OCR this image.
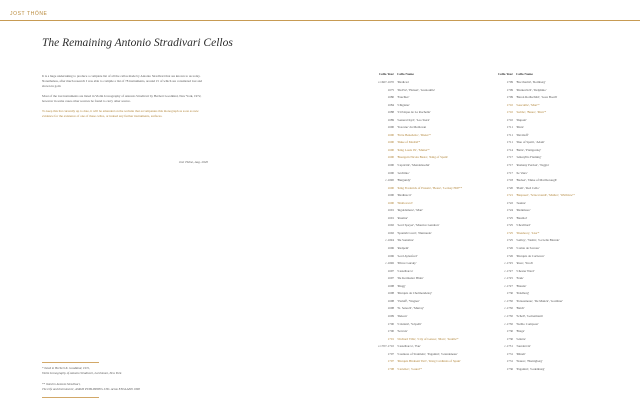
JOST THÖNE
The Remaining Antonio Stradivari Cellos

It is a huge undertaking to produce a complete list of all the cellos made by Antonio Stradivari that are known to us today. Nonetheless, after much research I was able to compile a list of 78 instruments, around 15 of which are considered lost and shown in gold.

Most of the lost instruments are listed in Violin Iconography of Antonio Stradivari by Herbert Goodkind, New York, 1972, however in some cases other sources be found to carry other source.

To keep this list currently up to date, it will be amended on the website that accompanies this monograph as soon as new evidence for the existence of one of these cellos, or indeed any further instruments, surfaces.

Jost Thöne, Aug. 2020
* listed in Herbert K. Goodkind, 1972,
Violin Iconography of Antonio Stradivari, Larchmont, New York
** listed in Antonio Stradivari,
The Life and Instruments', AMATI PUBLISHING LTD. Acton ENGLAND 1998
Cello Year Cello Name
c.1667-1670 'Medicea'
1675 'Du Pré', 'Hansel', 'Grenouille'
1680 'Fauchier'
1684 'Chigiano'
1688 'L'Ovêque de La Rochelle'
1689 'General Kyd', 'Leo Stern'
1690 'Toscano' du Medicean
1690 'Frère Benedetto', 'Dieter'*
1690 'Duke of Madrid'*
1690 'King Louis IX', 'Mutter'*
1690 'Bourgoin Nicola Besta', 'King of Spain'
1690 'Capricini', 'Mendelssohn'
1690 'Archinto'
c.1690 'Burgundy'
1690 'King Frederick of Prussia', 'Beare', 'Leckey Hill'**
1690 'Medinacci'
1690 'Shallovacci'
1691 'Ingoldsmere', 'Marr'
1691 'Rosmar'
1692 'Lord Speyer', 'Maurice Gendron'
1692 'Spanish Court', 'Dunraudo'
c.1694 'De Sonatine'
1696 'Redpem'
1696 'Lord Aylesford'
c.1696 'Prince Gursky'
1697 'Castelbarco'
1697 'De Kermadec Blain'
1698 'Magg'
1698 'Marquis de Cholmondeley'
1698 'Vieluff', 'Wagner'
1698 'St. Senoch', 'Murray'
1699 'Deleon'
1700 'Cristiani', 'Scipelli'
1700 'Servais'
1701 'Orchard Villa', 'City of Genoa', 'Marr', 'Zeaille'*
c.1707-1710 'Castelbarco', 'Pau'
1707 'Countess of Stainlein', 'Paganini', 'Grandeneau'
1707 'Marquis Birabeni Tirri', 'King Cardinals of Spain'
1708 'Cartelier', 'Laurel'*
Cello Year Cello Name
1709 'Boccherini', 'Romberg'
1709 'Markevitch', 'Delphino'
1709 'Baron Rothschild', 'Gore Booth'
1710 'Gascaille', 'Marr'*
1710 'Lubbe', 'Beare', 'Marr'*
1710 'Dupont'
1711 'Mara'
1711 'Davidoff'
1711 'Duo of Spain', 'Adam'
1714 'Batta', 'Piatigorsky'
1717 'Amaryllis Fleming'
1717 'Romany Perdon', 'Taggia'
1717 'de Vaux'
1718 'Becker', 'Duke of Marlborough'
1720 'Piatti', 'Red Cello'
1721 'Baspasol', 'Sciacovandi', 'Muller', 'Wirthlow'*
1722 'Jeanne'
1724 'Mentmore'
1725 'Baudiot'
1725 'Chevillard'
1725 'Dreubecq', 'Lise'*
1725 'Gallay', 'Vaslin', 'La belle Blonde'
1726 'Comte de Saveau'
1726 'Marquis de Corberon'
c.1725 'Ross', 'Stroh'
c.1727 'Chester Ward'
c.1725 'Feuk'
c.1727 'Braude'
1730 'Pendberg'
c.1730 'Ponsonneau', 'De Munck', 'Gardiner'
c.1730 'Baich'
c.1730 'Schell', 'Goltermann'
c.1730 'Stellio Compson'
1730 'Braga'
1730 'Gilette'
c.1731 'Jourdevrix'
1731 'Mineli'
1731 'Stauss', 'Hornigberg'
1736 'Paganini', 'Ladenburg'
